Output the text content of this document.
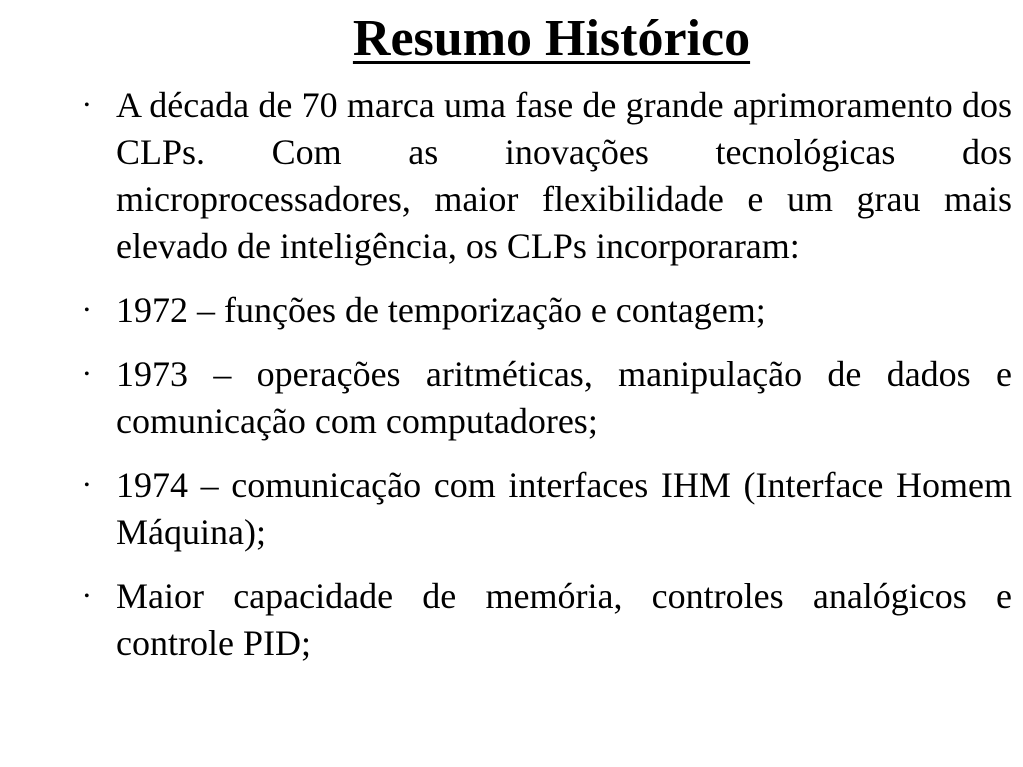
Resumo Histórico
• A década de 70 marca uma fase de grande aprimoramento dos CLPs. Com as inovações tecnológicas dos microprocessadores, maior flexibilidade e um grau mais elevado de inteligência, os CLPs incorporaram:
• 1972 – funções de temporização e contagem;
• 1973 – operações aritméticas, manipulação de dados e comunicação com computadores;
• 1974 – comunicação com interfaces IHM (Interface Homem Máquina);
• Maior capacidade de memória, controles analógicos e controle PID;
